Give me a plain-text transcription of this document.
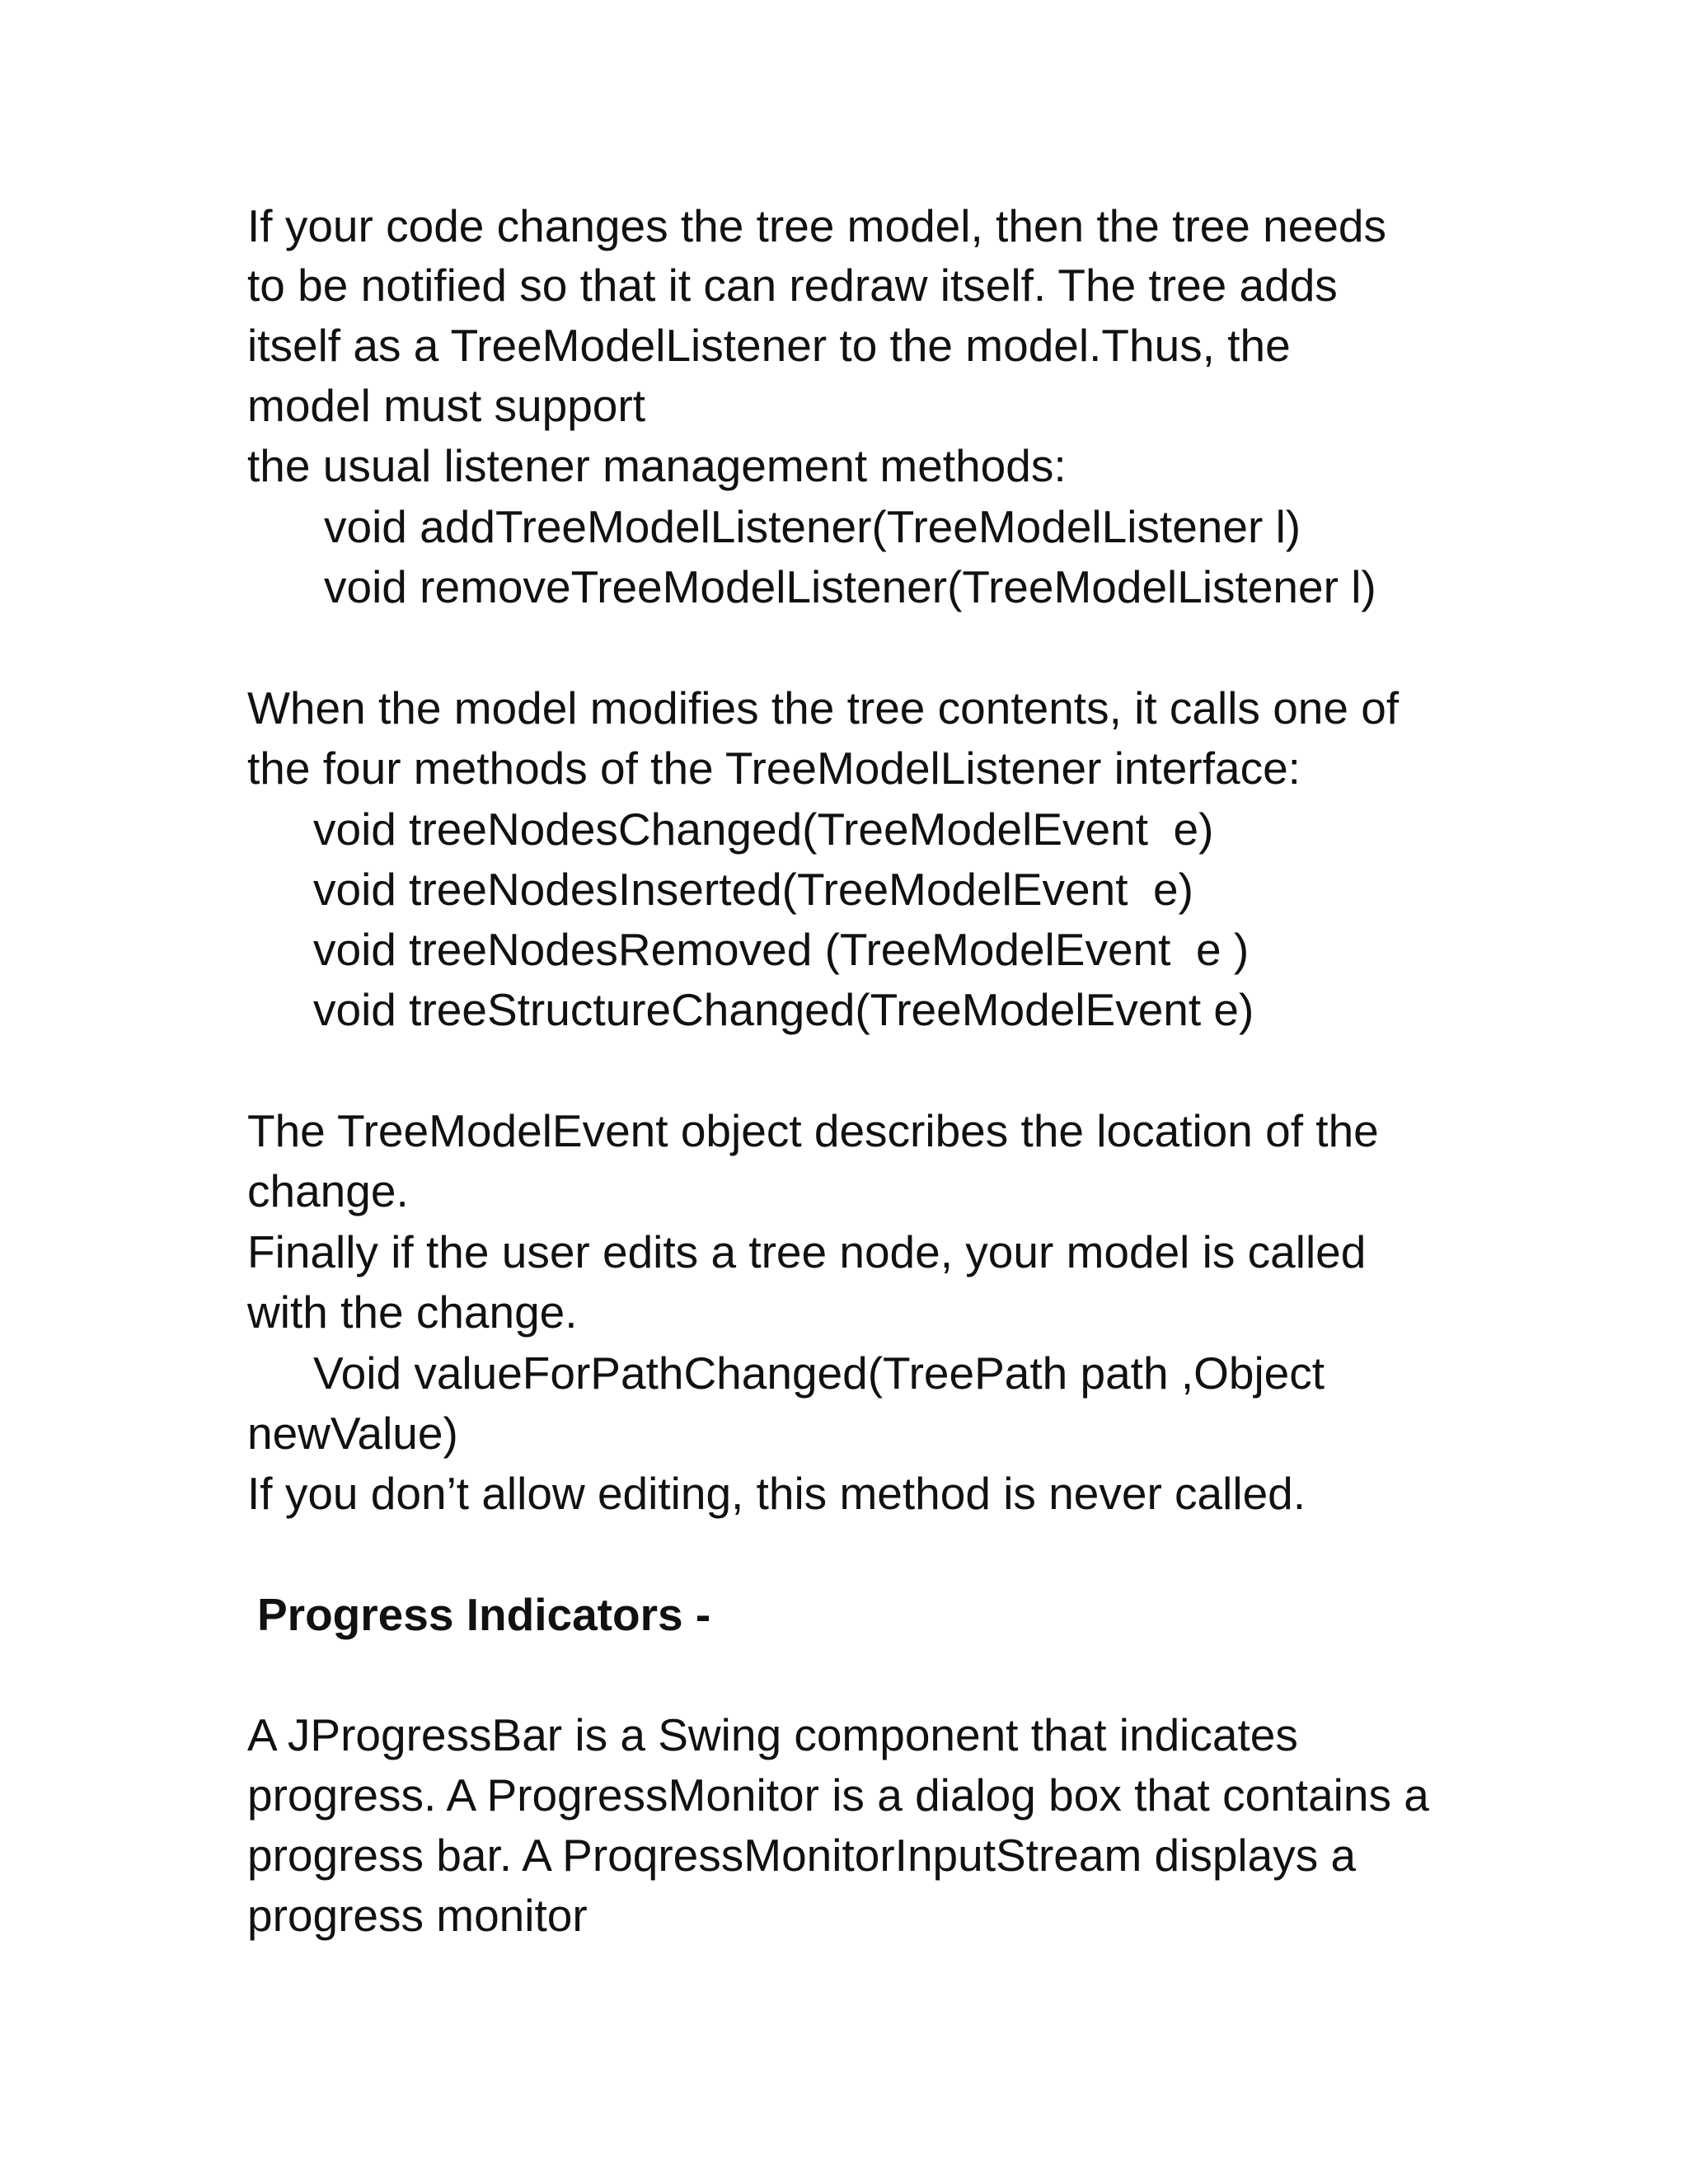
If your code changes the tree model, then the tree needs

to be notified so that it can redraw itself. The tree adds

itself as a TreeModelListener to the model.Thus, the

model must support

the usual listener management methods:

void addTreeModelListener(TreeModelListener l)

void removeTreeModelListener(TreeModelListener l)

When the model modifies the tree contents, it calls one of

the four methods of the TreeModelListener interface:

void treeNodesChanged(TreeModelEvent  e)

void treeNodesInserted(TreeModelEvent  e)

void treeNodesRemoved (TreeModelEvent  e )

void treeStructureChanged(TreeModelEvent e)

The TreeModelEvent object describes the location of the

change.

Finally if the user edits a tree node, your model is called

with the change.

Void valueForPathChanged(TreePath path ,Object

newValue)

If you don’t allow editing, this method is never called.

Progress Indicators -

A JProgressBar is a Swing component that indicates

progress. A ProgressMonitor is a dialog box that contains a

progress bar. A ProqressMonitorInputStream displays a

progress monitor
